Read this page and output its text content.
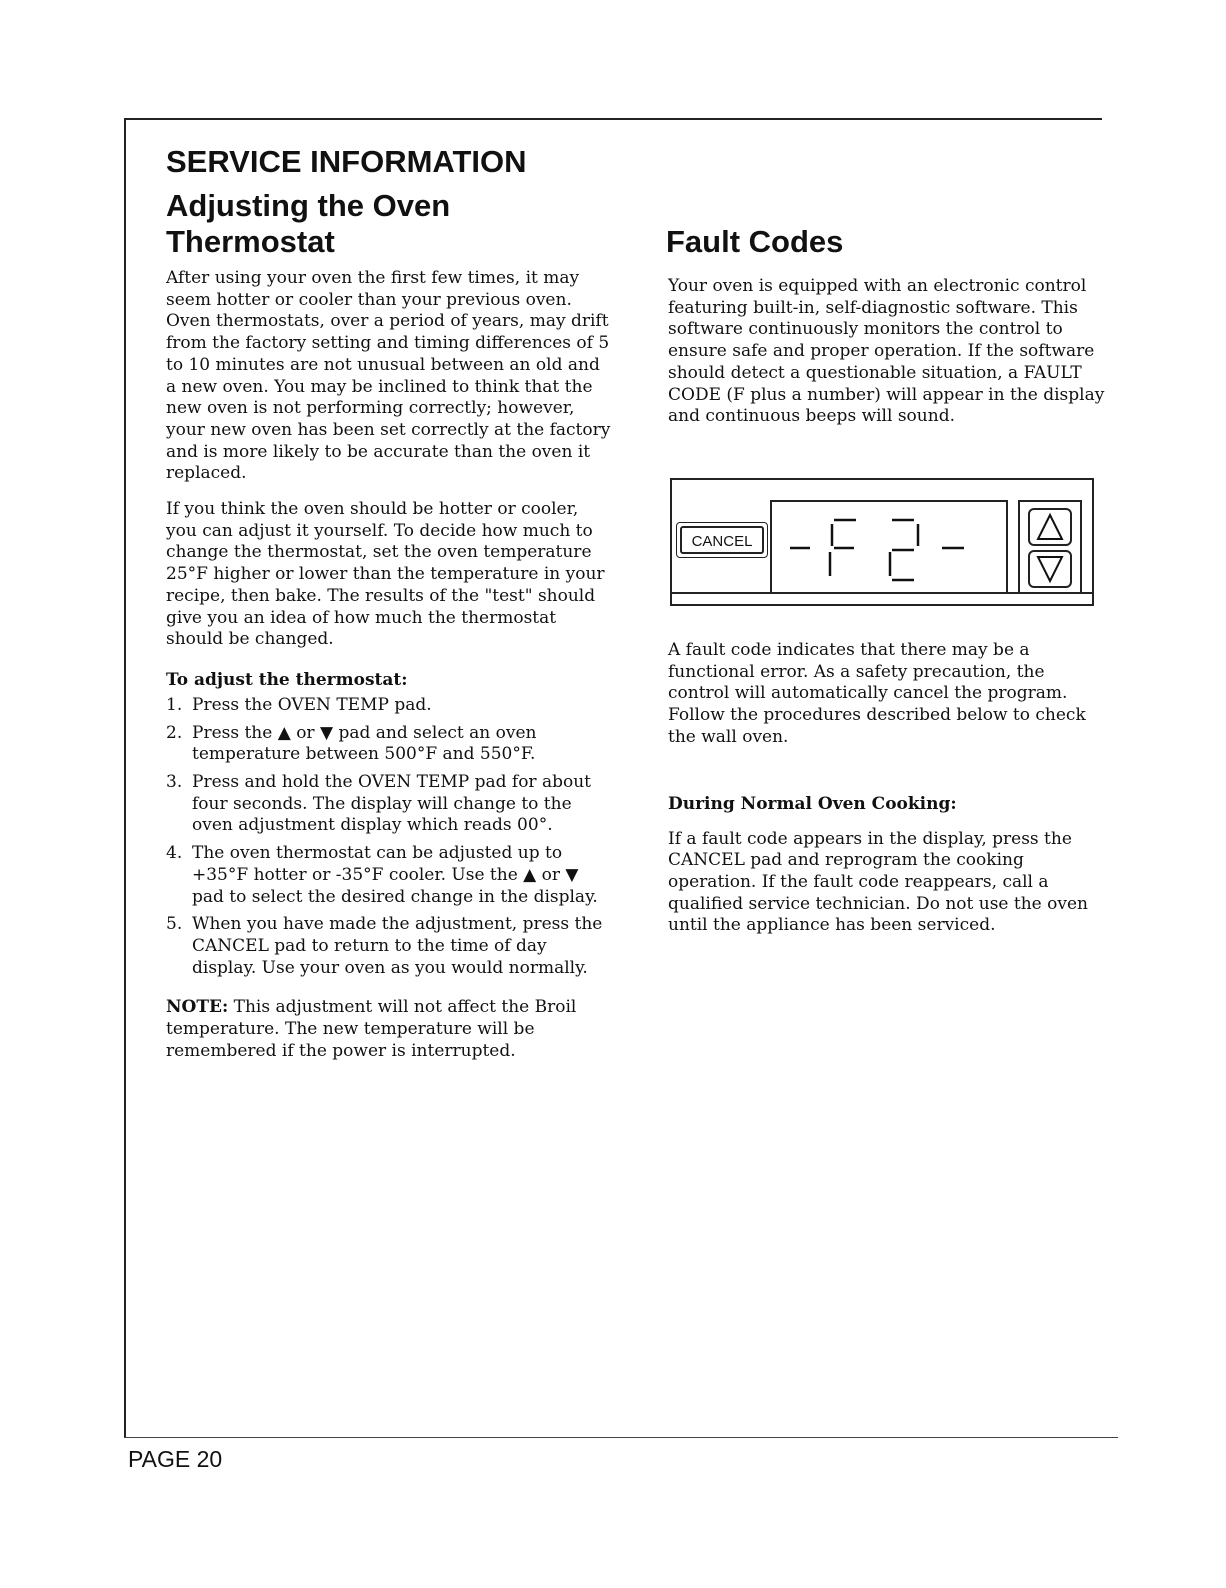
SERVICE INFORMATION
Adjusting the Oven Thermostat	Fault Codes

After using your oven the first few times, it may seem hotter or cooler than your previous oven. Oven thermostats, over a period of years, may drift from the factory setting and timing differences of 5 to 10 minutes are not unusual between an old and a new oven. You may be inclined to think that the new oven is not performing correctly; however, your new oven has been set correctly at the factory and is more likely to be accurate than the oven it replaced.

If you think the oven should be hotter or cooler, you can adjust it yourself. To decide how much to change the thermostat, set the oven temperature 25°F higher or lower than the temperature in your recipe, then bake. The results of the "test" should give you an idea of how much the thermostat should be changed.

To adjust the thermostat:

1. Press the OVEN TEMP pad.
2. Press the ▲ or ▼ pad and select an oven temperature between 500°F and 550°F.
3. Press and hold the OVEN TEMP pad for about four seconds. The display will change to the oven adjustment display which reads 00°.
4. The oven thermostat can be adjusted up to +35°F hotter or -35°F cooler. Use the ▲ or ▼ pad to select the desired change in the display.
5. When you have made the adjustment, press the CANCEL pad to return to the time of day display. Use your oven as you would normally.

NOTE: This adjustment will not affect the Broil temperature. The new temperature will be remembered if the power is interrupted.

Your oven is equipped with an electronic control featuring built-in, self-diagnostic software. This software continuously monitors the control to ensure safe and proper operation. If the software should detect a questionable situation, a FAULT CODE (F plus a number) will appear in the display and continuous beeps will sound.

CANCEL

A fault code indicates that there may be a functional error. As a safety precaution, the control will automatically cancel the program. Follow the procedures described below to check the wall oven.

During Normal Oven Cooking:

If a fault code appears in the display, press the CANCEL pad and reprogram the cooking operation. If the fault code reappears, call a qualified service technician. Do not use the oven until the appliance has been serviced.

PAGE 20
